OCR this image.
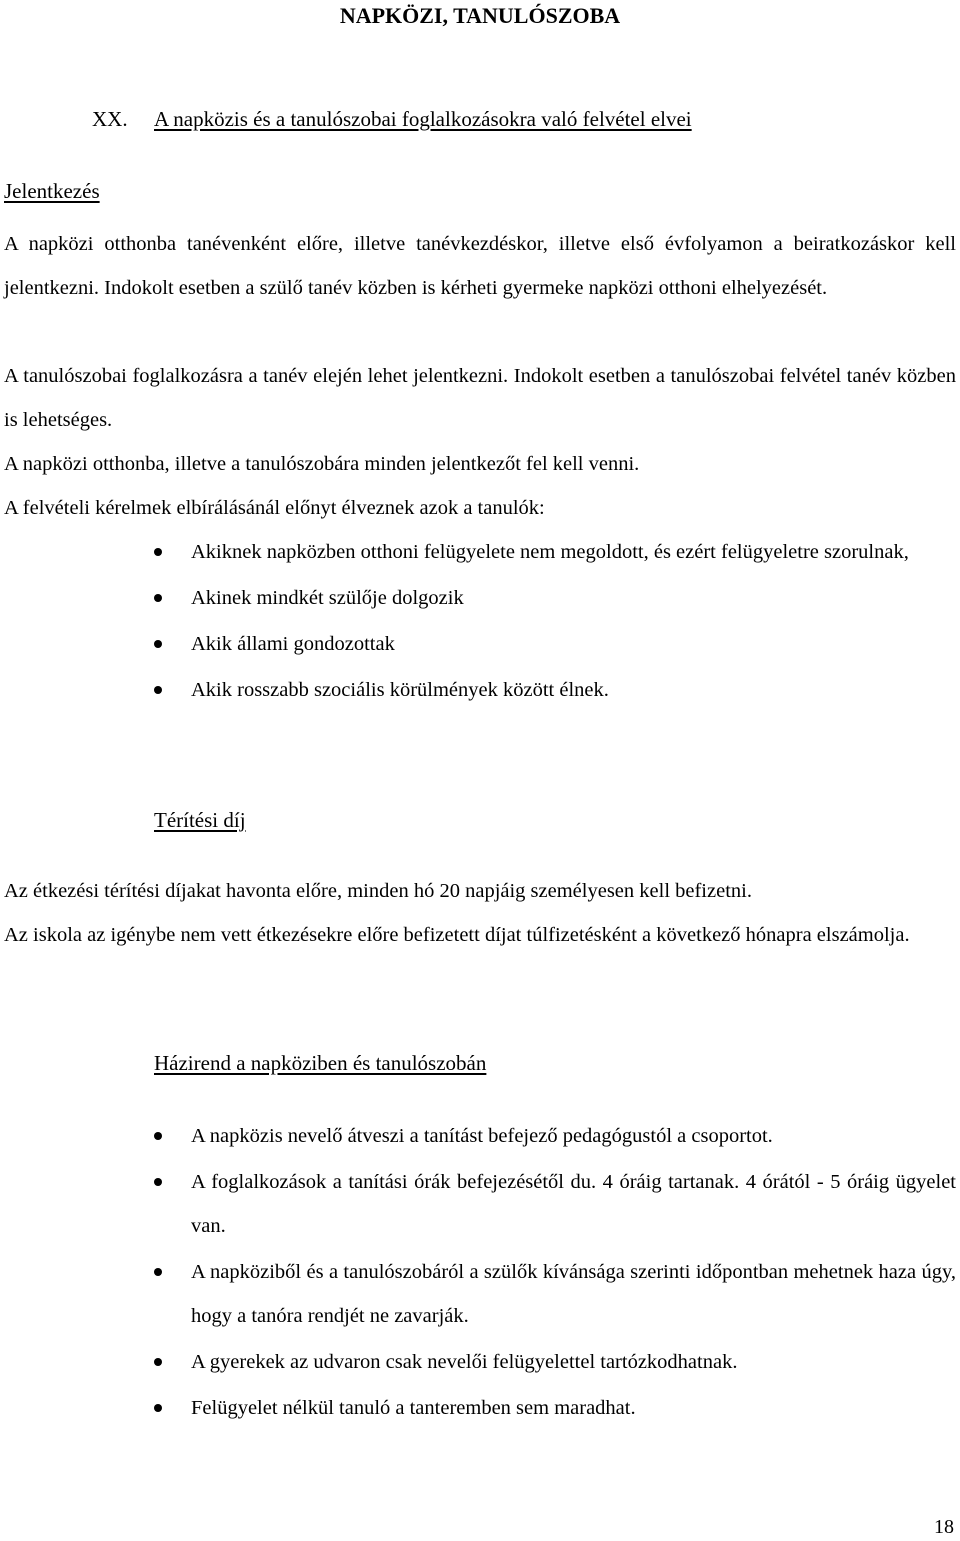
NAPKÖZI, TANULÓSZOBA
XX. A napközis és a tanulószobai foglalkozásokra való felvétel elvei
Jelentkezés

A napközi otthonba tanévenként előre, illetve tanévkezdéskor, illetve első évfolyamon a beiratkozáskor kell jelentkezni. Indokolt esetben a szülő tanév közben is kérheti gyermeke napközi otthoni elhelyezését.

A tanulószobai foglalkozásra a tanév elején lehet jelentkezni. Indokolt esetben a tanulószobai felvétel tanév közben is lehetséges.

A napközi otthonba, illetve a tanulószobára minden jelentkezőt fel kell venni.

A felvételi kérelmek elbírálásánál előnyt élveznek azok a tanulók:

Akiknek napközben otthoni felügyelete nem megoldott, és ezért felügyeletre szorulnak,
Akinek mindkét szülője dolgozik
Akik állami gondozottak
Akik rosszabb szociális körülmények között élnek.
Térítési díj

Az étkezési térítési díjakat havonta előre, minden hó 20 napjáig személyesen kell befizetni.

Az iskola az igénybe nem vett étkezésekre előre befizetett díjat túlfizetésként a következő hónapra elszámolja.

Házirend a napköziben és tanulószobán
A napközis nevelő átveszi a tanítást befejező pedagógustól a csoportot.
A foglalkozások a tanítási órák befejezésétől du. 4 óráig tartanak. 4 órától - 5 óráig ügyelet van.
A napköziből és a tanulószobáról a szülők kívánsága szerinti időpontban mehetnek haza úgy, hogy a tanóra rendjét ne zavarják.
A gyerekek az udvaron csak nevelői felügyelettel tartózkodhatnak.
Felügyelet nélkül tanuló a tanteremben sem maradhat.
18
